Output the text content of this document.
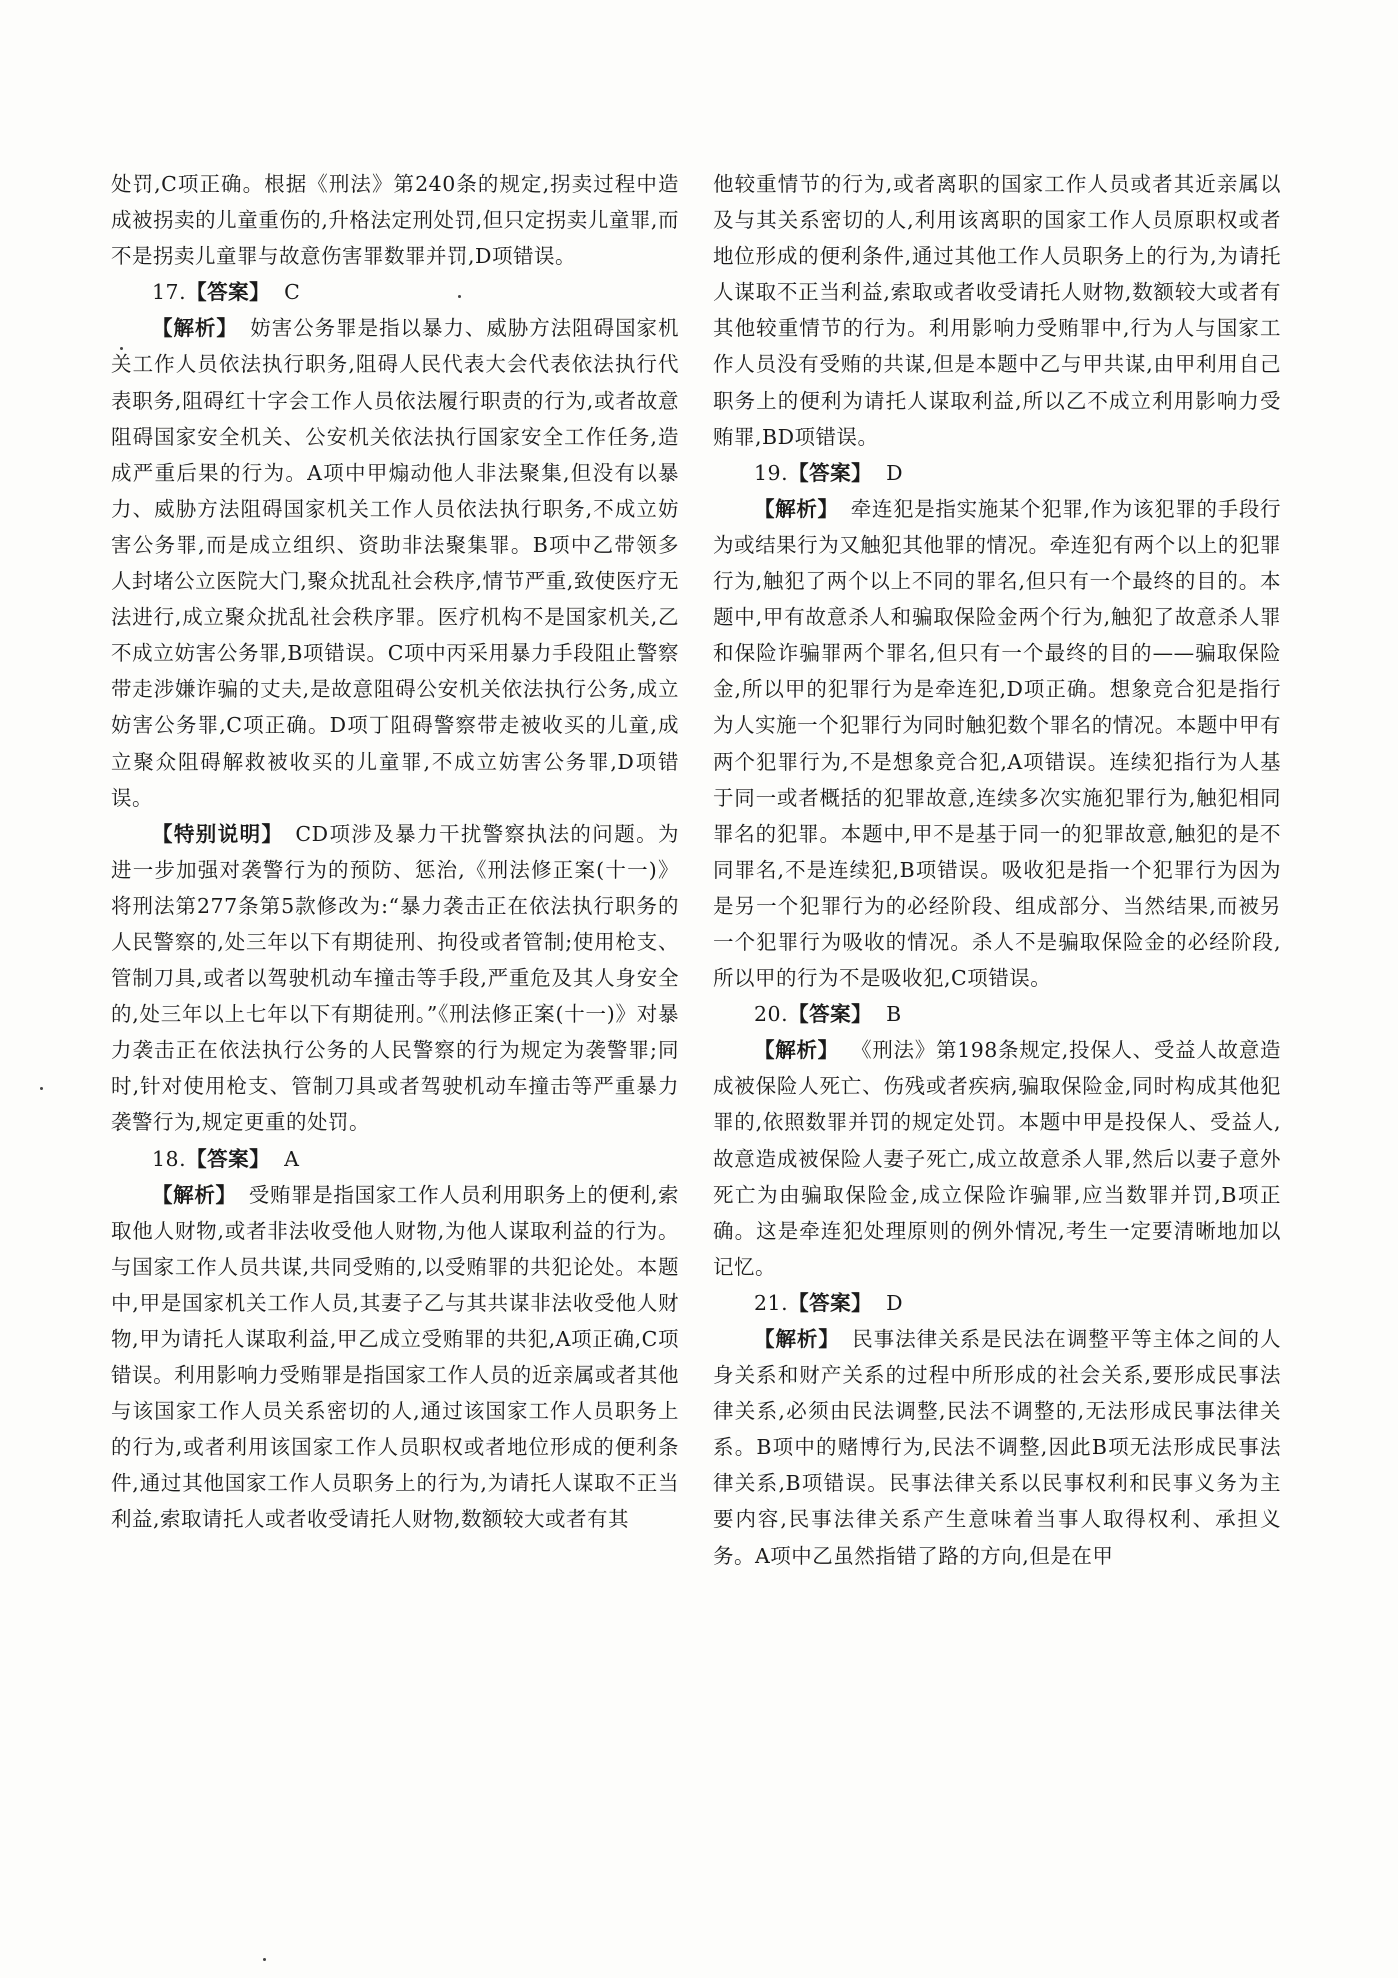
处罚,C项正确。根据《刑法》第240条的规定,拐卖过程中造成被拐卖的儿童重伤的,升格法定刑处罚,但只定拐卖儿童罪,而不是拐卖儿童罪与故意伤害罪数罪并罚,D项错误。

17.【答案】 C

【解析】 妨害公务罪是指以暴力、威胁方法阻碍国家机关工作人员依法执行职务,阻碍人民代表大会代表依法执行代表职务,阻碍红十字会工作人员依法履行职责的行为,或者故意阻碍国家安全机关、公安机关依法执行国家安全工作任务,造成严重后果的行为。A项中甲煽动他人非法聚集,但没有以暴力、威胁方法阻碍国家机关工作人员依法执行职务,不成立妨害公务罪,而是成立组织、资助非法聚集罪。B项中乙带领多人封堵公立医院大门,聚众扰乱社会秩序,情节严重,致使医疗无法进行,成立聚众扰乱社会秩序罪。医疗机构不是国家机关,乙不成立妨害公务罪,B项错误。C项中丙采用暴力手段阻止警察带走涉嫌诈骗的丈夫,是故意阻碍公安机关依法执行公务,成立妨害公务罪,C项正确。D项丁阻碍警察带走被收买的儿童,成立聚众阻碍解救被收买的儿童罪,不成立妨害公务罪,D项错误。

【特别说明】 CD项涉及暴力干扰警察执法的问题。为进一步加强对袭警行为的预防、惩治,《刑法修正案(十一)》将刑法第277条第5款修改为:“暴力袭击正在依法执行职务的人民警察的,处三年以下有期徒刑、拘役或者管制;使用枪支、管制刀具,或者以驾驶机动车撞击等手段,严重危及其人身安全的,处三年以上七年以下有期徒刑。”《刑法修正案(十一)》对暴力袭击正在依法执行公务的人民警察的行为规定为袭警罪;同时,针对使用枪支、管制刀具或者驾驶机动车撞击等严重暴力袭警行为,规定更重的处罚。

18.【答案】 A

【解析】 受贿罪是指国家工作人员利用职务上的便利,索取他人财物,或者非法收受他人财物,为他人谋取利益的行为。与国家工作人员共谋,共同受贿的,以受贿罪的共犯论处。本题中,甲是国家机关工作人员,其妻子乙与其共谋非法收受他人财物,甲为请托人谋取利益,甲乙成立受贿罪的共犯,A项正确,C项错误。利用影响力受贿罪是指国家工作人员的近亲属或者其他与该国家工作人员关系密切的人,通过该国家工作人员职务上的行为,或者利用该国家工作人员职权或者地位形成的便利条件,通过其他国家工作人员职务上的行为,为请托人谋取不正当利益,索取请托人或者收受请托人财物,数额较大或者有其

他较重情节的行为,或者离职的国家工作人员或者其近亲属以及与其关系密切的人,利用该离职的国家工作人员原职权或者地位形成的便利条件,通过其他工作人员职务上的行为,为请托人谋取不正当利益,索取或者收受请托人财物,数额较大或者有其他较重情节的行为。利用影响力受贿罪中,行为人与国家工作人员没有受贿的共谋,但是本题中乙与甲共谋,由甲利用自己职务上的便利为请托人谋取利益,所以乙不成立利用影响力受贿罪,BD项错误。

19.【答案】 D

【解析】 牵连犯是指实施某个犯罪,作为该犯罪的手段行为或结果行为又触犯其他罪的情况。牵连犯有两个以上的犯罪行为,触犯了两个以上不同的罪名,但只有一个最终的目的。本题中,甲有故意杀人和骗取保险金两个行为,触犯了故意杀人罪和保险诈骗罪两个罪名,但只有一个最终的目的——骗取保险金,所以甲的犯罪行为是牵连犯,D项正确。想象竞合犯是指行为人实施一个犯罪行为同时触犯数个罪名的情况。本题中甲有两个犯罪行为,不是想象竞合犯,A项错误。连续犯指行为人基于同一或者概括的犯罪故意,连续多次实施犯罪行为,触犯相同罪名的犯罪。本题中,甲不是基于同一的犯罪故意,触犯的是不同罪名,不是连续犯,B项错误。吸收犯是指一个犯罪行为因为是另一个犯罪行为的必经阶段、组成部分、当然结果,而被另一个犯罪行为吸收的情况。杀人不是骗取保险金的必经阶段,所以甲的行为不是吸收犯,C项错误。

20.【答案】 B

【解析】 《刑法》第198条规定,投保人、受益人故意造成被保险人死亡、伤残或者疾病,骗取保险金,同时构成其他犯罪的,依照数罪并罚的规定处罚。本题中甲是投保人、受益人,故意造成被保险人妻子死亡,成立故意杀人罪,然后以妻子意外死亡为由骗取保险金,成立保险诈骗罪,应当数罪并罚,B项正确。这是牵连犯处理原则的例外情况,考生一定要清晰地加以记忆。

21.【答案】 D

【解析】 民事法律关系是民法在调整平等主体之间的人身关系和财产关系的过程中所形成的社会关系,要形成民事法律关系,必须由民法调整,民法不调整的,无法形成民事法律关系。B项中的赌博行为,民法不调整,因此B项无法形成民事法律关系,B项错误。民事法律关系以民事权利和民事义务为主要内容,民事法律关系产生意味着当事人取得权利、承担义务。A项中乙虽然指错了路的方向,但是在甲
